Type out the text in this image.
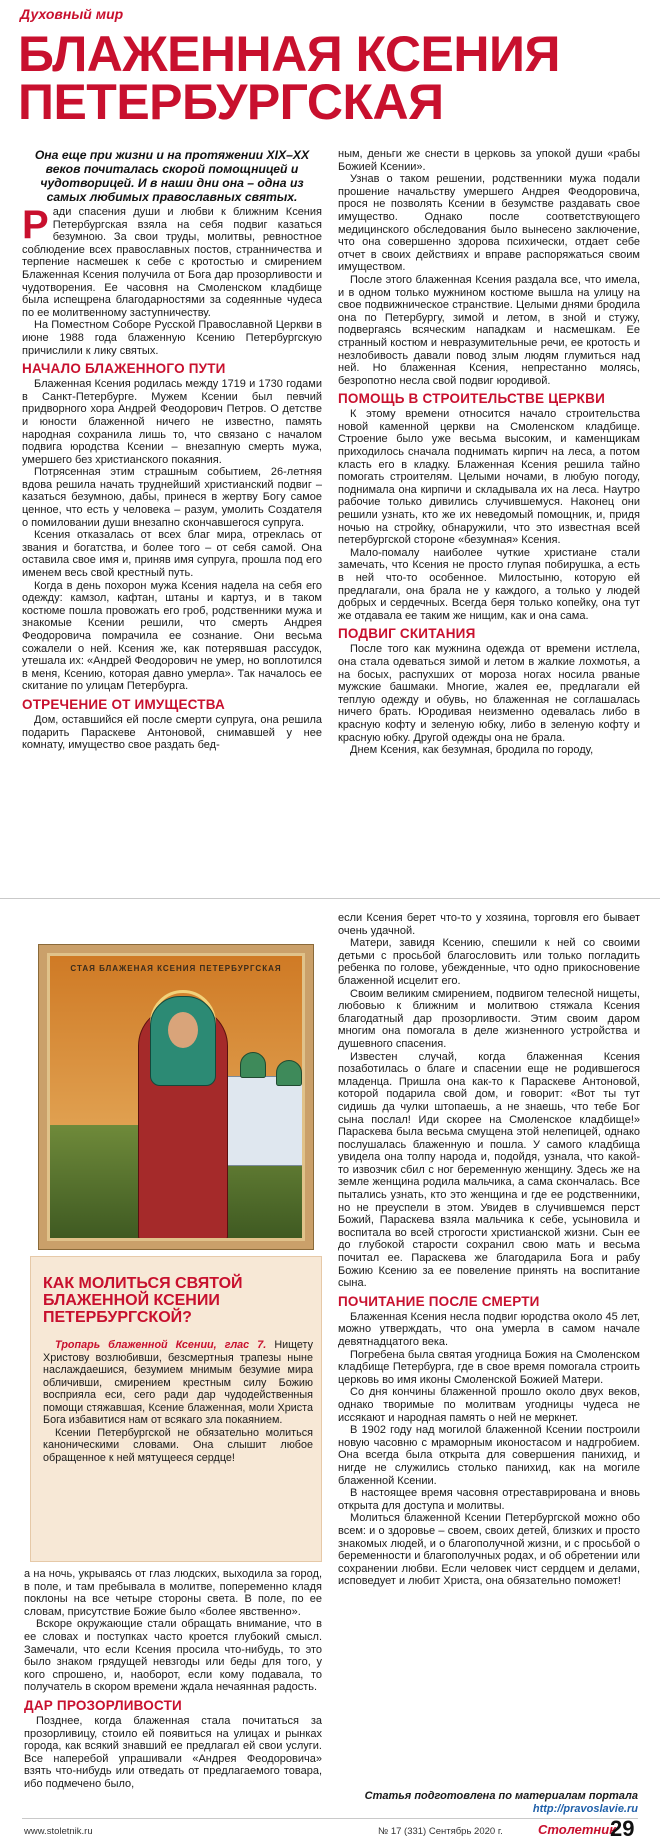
Духовный мир
БЛАЖЕННАЯ КСЕНИЯ ПЕТЕРБУРГСКАЯ
Она еще при жизни и на протяжении XIX–XX веков почиталась скорой помощницей и чудотворицей. И в наши дни она – одна из самых любимых православных святых.

Ради спасения души и любви к ближним Ксения Петербургская взяла на себя подвиг казаться безумною. За свои труды, молитвы, ревностное соблюдение всех православных постов, странничества и терпение насмешек к себе с кротостью и смирением Блаженная Ксения получила от Бога дар прозорливости и чудотворения. Ее часовня на Смоленском кладбище была испещрена благодарностями за содеянные чудеса по ее молитвенному заступничеству.

На Поместном Соборе Русской Православной Церкви в июне 1988 года блаженную Ксению Петербургскую причислили к лику святых.

НАЧАЛО БЛАЖЕННОГО ПУТИ

Блаженная Ксения родилась между 1719 и 1730 годами в Санкт-Петербурге. Мужем Ксении был певчий придворного хора Андрей Феодорович Петров. О детстве и юности блаженной ничего не известно, память народная сохранила лишь то, что связано с началом подвига юродства Ксении – внезапную смерть мужа, умершего без христианского покаяния.

Потрясенная этим страшным событием, 26-летняя вдова решила начать труднейший христианский подвиг – казаться безумною, дабы, принеся в жертву Богу самое ценное, что есть у человека – разум, умолить Создателя о помиловании души внезапно скончавшегося супруга.

Ксения отказалась от всех благ мира, отреклась от звания и богатства, и более того – от себя самой. Она оставила свое имя и, приняв имя супруга, прошла под его именем весь свой крестный путь.

Когда в день похорон мужа Ксения надела на себя его одежду: камзол, кафтан, штаны и картуз, и в таком костюме пошла провожать его гроб, родственники мужа и знакомые Ксении решили, что смерть Андрея Феодоровича помрачила ее сознание. Они весьма сожалели о ней. Ксения же, как потерявшая рассудок, утешала их: «Андрей Феодорович не умер, но воплотился в меня, Ксению, которая давно умерла». Так началось ее скитание по улицам Петербурга.

ОТРЕЧЕНИЕ ОТ ИМУЩЕСТВА

Дом, оставшийся ей после смерти супруга, она решила подарить Параскеве Антоновой, снимавшей у нее комнату, имущество свое раздать бед-

ным, деньги же снести в церковь за упокой души «рабы Божией Ксении».

Узнав о таком решении, родственники мужа подали прошение начальству умершего Андрея Феодоровича, прося не позволять Ксении в безумстве раздавать свое имущество. Однако после соответствующего медицинского обследования было вынесено заключение, что она совершенно здорова психически, отдает себе отчет в своих действиях и вправе распоряжаться своим имуществом.

После этого блаженная Ксения раздала все, что имела, и в одном только мужнином костюме вышла на улицу на свое подвижническое странствие. Целыми днями бродила она по Петербургу, зимой и летом, в зной и стужу, подвергаясь всяческим нападкам и насмешкам. Ее странный костюм и невразумительные речи, ее кротость и незлобивость давали повод злым людям глумиться над ней. Но блаженная Ксения, непрестанно молясь, безропотно несла свой подвиг юродивой.

ПОМОЩЬ В СТРОИТЕЛЬСТВЕ ЦЕРКВИ

К этому времени относится начало строительства новой каменной церкви на Смоленском кладбище. Строение было уже весьма высоким, и каменщикам приходилось сначала поднимать кирпич на леса, а потом класть его в кладку. Блаженная Ксения решила тайно помогать строителям. Целыми ночами, в любую погоду, поднимала она кирпичи и складывала их на леса. Наутро рабочие только дивились случившемуся. Наконец они решили узнать, кто же их неведомый помощник, и, придя ночью на стройку, обнаружили, что это известная всей петербургской стороне «безумная» Ксения.

Мало-помалу наиболее чуткие христиане стали замечать, что Ксения не просто глупая побирушка, а есть в ней что-то особенное. Милостыню, которую ей предлагали, она брала не у каждого, а только у людей добрых и сердечных. Всегда беря только копейку, она тут же отдавала ее таким же нищим, как и она сама.

ПОДВИГ СКИТАНИЯ

После того как мужнина одежда от времени истлела, она стала одеваться зимой и летом в жалкие лохмотья, а на босых, распухших от мороза ногах носила рваные мужские башмаки. Многие, жалея ее, предлагали ей теплую одежду и обувь, но блаженная не соглашалась ничего брать. Юродивая неизменно одевалась либо в красную кофту и зеленую юбку, либо в зеленую кофту и красную юбку. Другой одежды она не брала.

Днем Ксения, как безумная, бродила по городу,

СТАЯ БЛАЖЕНАЯ КСЕНИЯ ПЕТЕРБУРГСКАЯ
КАК МОЛИТЬСЯ СВЯТОЙ БЛАЖЕННОЙ КСЕНИИ ПЕТЕРБУРГСКОЙ?

Тропарь блаженной Ксении, глас 7. Нищету Христову возлюбивши, безсмертныя трапезы ныне наслаждаешися, безумием мнимым безумие мира обличивши, смирением крестным силу Божию восприяла еси, сего ради дар чудодейственныя помощи стяжавшая, Ксение блаженная, моли Христа Бога избавитися нам от всякаго зла покаянием.

Ксении Петербургской не обязательно молиться каноническими словами. Она слышит любое обращенное к ней мятущееся сердце!

а на ночь, укрываясь от глаз людских, выходила за город, в поле, и там пребывала в молитве, попеременно кладя поклоны на все четыре стороны света. В поле, по ее словам, присутствие Божие было «более явственно».

Вскоре окружающие стали обращать внимание, что в ее словах и поступках часто кроется глубокий смысл. Замечали, что если Ксения просила что-нибудь, то это было знаком грядущей невзгоды или беды для того, у кого спрошено, и, наоборот, если кому подавала, то получатель в скором времени ждала нечаянная радость.

ДАР ПРОЗОРЛИВОСТИ

Позднее, когда блаженная стала почитаться за прозорливицу, стоило ей появиться на улицах и рынках города, как всякий знавший ее предлагал ей свои услуги. Все наперебой упрашивали «Андрея Феодоровича» взять что-нибудь или отведать от предлагаемого товара, ибо подмечено было,

если Ксения берет что-то у хозяина, торговля его бывает очень удачной.

Матери, завидя Ксению, спешили к ней со своими детьми с просьбой благословить или только погладить ребенка по голове, убежденные, что одно прикосновение блаженной исцелит его.

Своим великим смирением, подвигом телесной нищеты, любовью к ближним и молитвою стяжала Ксения благодатный дар прозорливости. Этим своим даром многим она помогала в деле жизненного устройства и душевного спасения.

Известен случай, когда блаженная Ксения позаботилась о благе и спасении еще не родившегося младенца. Пришла она как-то к Параскеве Антоновой, которой подарила свой дом, и говорит: «Вот ты тут сидишь да чулки штопаешь, а не знаешь, что тебе Бог сына послал! Иди скорее на Смоленское кладбище!» Параскева была весьма смущена этой нелепицей, однако послушалась блаженную и пошла. У самого кладбища увидела она толпу народа и, подойдя, узнала, что какой-то извозчик сбил с ног беременную женщину. Здесь же на земле женщина родила мальчика, а сама скончалась. Все пытались узнать, кто это женщина и где ее родственники, но не преуспели в этом. Увидев в случившемся перст Божий, Параскева взяла мальчика к себе, усыновила и воспитала во всей строгости христианской жизни. Сын ее до глубокой старости сохранил свою мать и весьма почитал ее. Параскева же благодарила Бога и рабу Божию Ксению за ее повеление принять на воспитание сына.

ПОЧИТАНИЕ ПОСЛЕ СМЕРТИ

Блаженная Ксения несла подвиг юродства около 45 лет, можно утверждать, что она умерла в самом начале девятнадцатого века.

Погребена была святая угодница Божия на Смоленском кладбище Петербурга, где в свое время помогала строить церковь во имя иконы Смоленской Божией Матери.

Со дня кончины блаженной прошло около двух веков, однако творимые по молитвам угодницы чудеса не иссякают и народная память о ней не меркнет.

В 1902 году над могилой блаженной Ксении построили новую часовню с мраморным иконостасом и надгробием. Она всегда была открыта для совершения панихид, и нигде не служились столько панихид, как на могиле блаженной Ксении.

В настоящее время часовня отреставрирована и вновь открыта для доступа и молитвы.

Молиться блаженной Ксении Петербургской можно обо всем: и о здоровье – своем, своих детей, близких и просто знакомых людей, и о благополучной жизни, и с просьбой о беременности и благополучных родах, и об обретении или сохранении любви. Если человек чист сердцем и делами, исповедует и любит Христа, она обязательно поможет!

Статья подготовлена по материалам портала
http://pravoslavie.ru
www.stoletnik.ru	№ 17 (331) Сентябрь 2020 г.	Столетник
29
